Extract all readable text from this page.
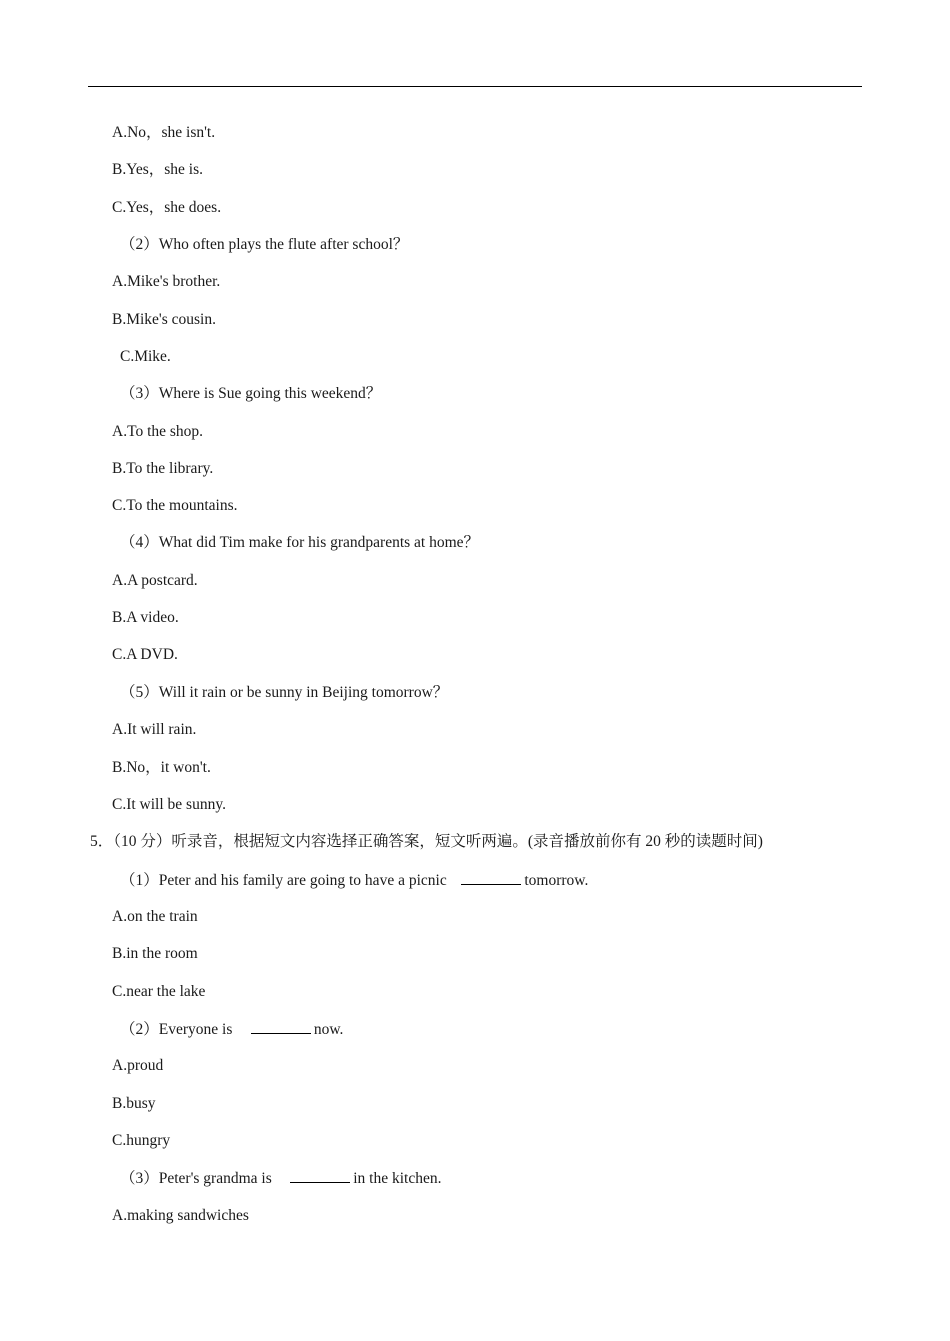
A.No，she isn't.
B.Yes，she is.
C.Yes，she does.
（2）Who often plays the flute after school？
A.Mike's brother.
B.Mike's cousin.
C.Mike.
（3）Where is Sue going this weekend？
A.To the shop.
B.To the library.
C.To the mountains.
（4）What did Tim make for his grandparents at home？
A.A postcard.
B.A video.
C.A DVD.
（5）Will it rain or be sunny in Beijing tomorrow？
A.It will rain.
B.No，it won't.
C.It will be sunny.
5．（10 分）听录音，根据短文内容选择正确答案，短文听两遍。(录音播放前你有 20 秒的读题时间)
（1）Peter and his family are going to have a picnic	tomorrow.
A.on the train
B.in the room
C.near the lake
（2）Everyone is	now.
A.proud
B.busy
C.hungry
（3）Peter's grandma is	in the kitchen.
A.making sandwiches
